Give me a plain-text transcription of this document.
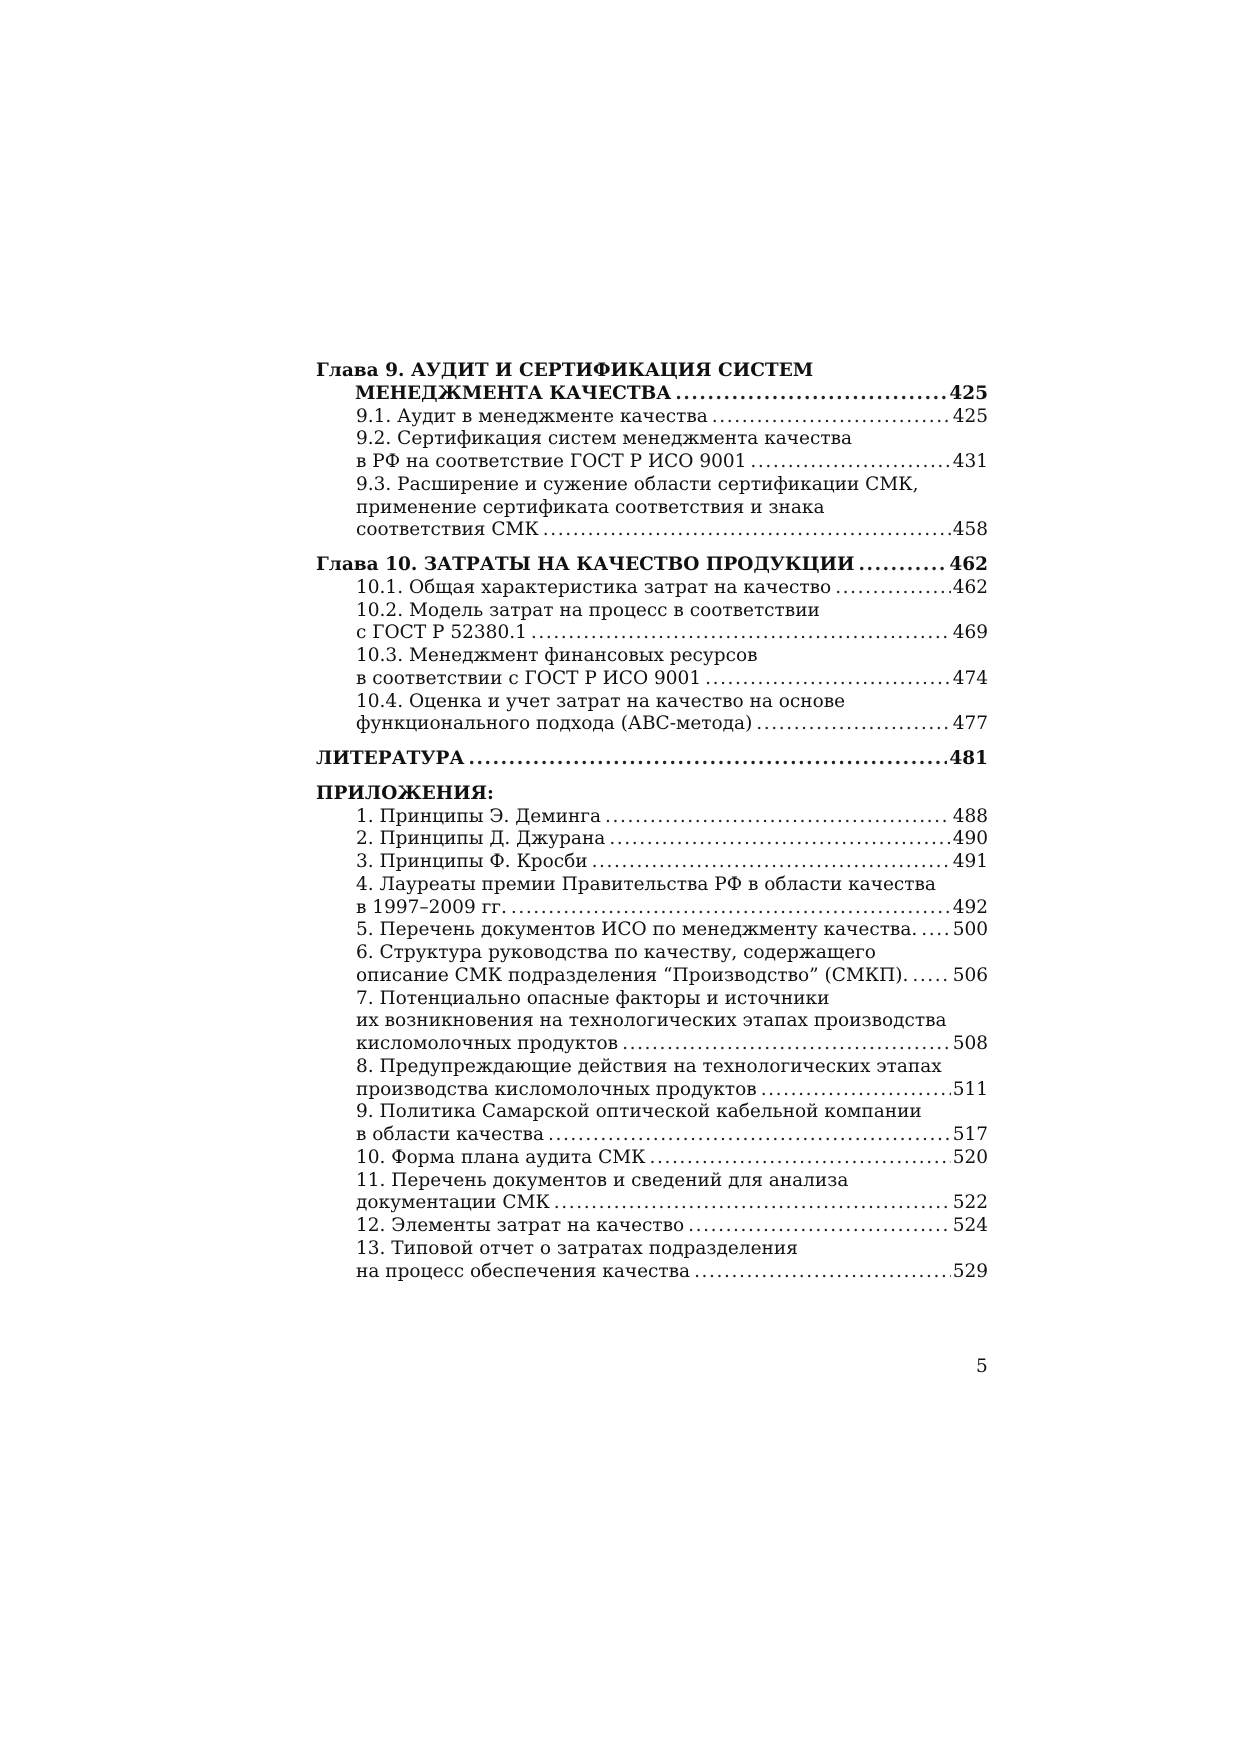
Глава 9. АУДИТ И СЕРТИФИКАЦИЯ СИСТЕМ
МЕНЕДЖМЕНТА КАЧЕСТВА .....	425
9.1. Аудит в менеджменте качества .....	425
9.2. Сертификация систем менеджмента качества
в РФ на соответствие ГОСТ Р ИСО 9001 .....	431
9.3. Расширение и сужение области сертификации СМК,
применение сертификата соответствия и знака
соответствия СМК .....	458
Глава 10. ЗАТРАТЫ НА КАЧЕСТВО ПРОДУКЦИИ .....	462
10.1. Общая характеристика затрат на качество .....	462
10.2. Модель затрат на процесс в соответствии
с ГОСТ Р 52380.1 .....	469
10.3. Менеджмент финансовых ресурсов
в соответствии с ГОСТ Р ИСО 9001 .....	474
10.4. Оценка и учет затрат на качество на основе
функционального подхода (АВС-метода) .....	477
ЛИТЕРАТУРА .....	481
ПРИЛОЖЕНИЯ:
1. Принципы Э. Деминга .....	488
2. Принципы Д. Джурана .....	490
3. Принципы Ф. Кросби .....	491
4. Лауреаты премии Правительства РФ в области качества
в 1997–2009 гг. .....	492
5. Перечень документов ИСО по менеджменту качества. ..... 500
6. Структура руководства по качеству, содержащего
описание СМК подразделения “Производство” (СМКП). ..... 506
7. Потенциально опасные факторы и источники
их возникновения на технологических этапах производства
кисломолочных продуктов .....	508
8. Предупреждающие действия на технологических этапах
производства кисломолочных продуктов .....	511
9. Политика Самарской оптической кабельной компании
в области качества .....	517
10. Форма плана аудита СМК .....	520
11. Перечень документов и сведений для анализа
документации СМК .....	522
12. Элементы затрат на качество .....	524
13. Типовой отчет о затратах подразделения
на процесс обеспечения качества .....	529
5
